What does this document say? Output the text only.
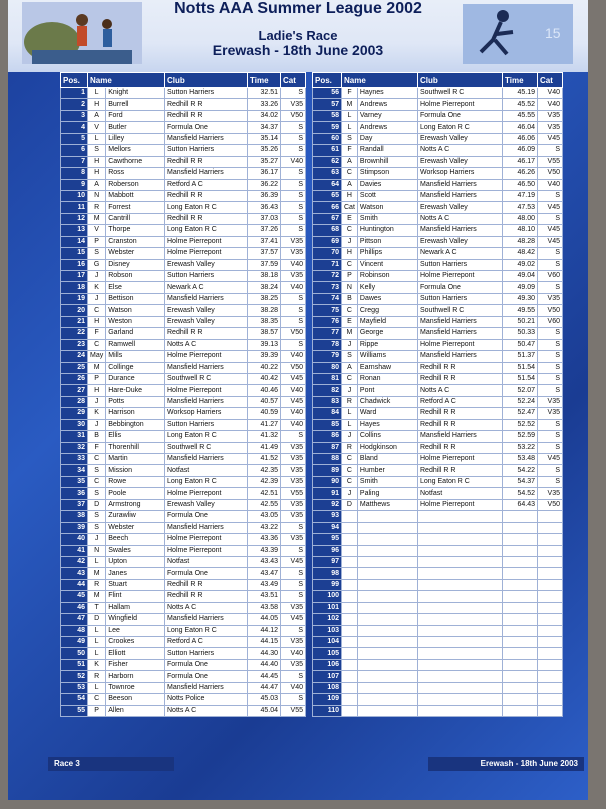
15
Notts AAA Summer League 2002
Ladie's Race
Erewash - 18th June 2003
Pos.	Name		Club	Time	Cat
1	L	Knight	Sutton Harriers	32.51	S
2	H	Burrell	Redhill R R	33.26	V35
3	A	Ford	Redhill R R	34.02	V50
4	V	Butler	Formula One	34.37	S
5	L	Lilley	Mansfield Harriers	35.14	S
6	S	Mellors	Sutton Harriers	35.26	S
7	H	Cawthorne	Redhill R R	35.27	V40
8	H	Ross	Mansfield Harriers	36.17	S
9	A	Roberson	Retford A C	36.22	S
10	N	Mabbott	Redhill R R	36.39	S
11	R	Forrest	Long Eaton R C	36.43	S
12	M	Cantrill	Redhill R R	37.03	S
13	V	Thorpe	Long Eaton R C	37.26	S
14	P	Cranston	Holme Pierrepont	37.41	V35
15	S	Webster	Holme Pierrepont	37.57	V35
16	G	Disney	Erewash Valley	37.59	V40
17	J	Robson	Sutton Harriers	38.18	V35
18	K	Else	Newark A C	38.24	V40
19	J	Bettison	Mansfield Harriers	38.25	S
20	C	Watson	Erewash Valley	38.28	S
21	H	Weston	Erewash Valley	38.35	S
22	F	Garland	Redhill R R	38.57	V50
23	C	Ramwell	Notts A C	39.13	S
24	May	Mills	Holme Pierrepont	39.39	V40
25	M	Collinge	Mansfield Harriers	40.22	V50
26	P	Durance	Southwell R C	40.42	V45
27	H	Hare-Duke	Holme Pierrepont	40.46	V40
28	J	Potts	Mansfield Harriers	40.57	V45
29	K	Harrison	Worksop Harriers	40.59	V40
30	J	Bebbington	Sutton Harriers	41.27	V40
31	B	Ellis	Long Eaton R C	41.32	S
32	F	Thorenhill	Southwell R C	41.49	V35
33	C	Martin	Mansfield Harriers	41.52	V35
34	S	Mission	Notfast	42.35	V35
35	C	Rowe	Long Eaton R C	42.39	V35
36	S	Poole	Holme Pierrepont	42.51	V55
37	D	Armstrong	Erewash Valley	42.55	V35
38	S	Zurawliw	Formula One	43.05	V35
39	S	Webster	Mansfield Harriers	43.22	S
40	J	Beech	Holme Pierrepont	43.36	V35
41	N	Swales	Holme Pierrepont	43.39	S
42	L	Upton	Notfast	43.43	V45
43	M	Janes	Formula One	43.47	S
44	R	Stuart	Redhill R R	43.49	S
45	M	Flint	Redhill R R	43.51	S
46	T	Hallam	Notts A C	43.58	V35
47	D	Wingfield	Mansfield Harriers	44.05	V45
48	L	Lee	Long Eaton R C	44.12	S
49	L	Crookes	Retford A C	44.15	V35
50	L	Elliott	Sutton Harriers	44.30	V40
51	K	Fisher	Formula One	44.40	V35
52	R	Harborn	Formula One	44.45	S
53	L	Townroe	Mansfield Harriers	44.47	V40
54	C	Beeson	Notts Police	45.03	S
55	P	Allen	Notts A C	45.04	V55
Pos.	Name		Club	Time	Cat
56	F	Haynes	Southwell R C	45.19	V40
57	M	Andrews	Holme Pierrepont	45.52	V40
58	L	Varney	Formula One	45.55	V35
59	L	Andrews	Long Eaton R C	46.04	V35
60	S	Day	Erewash Valley	46.06	V45
61	F	Randall	Notts A C	46.09	S
62	A	Brownhill	Erewash Valley	46.17	V55
63	C	Stimpson	Worksop Harriers	46.26	V50
64	A	Davies	Mansfield Harriers	46.50	V40
65	H	Scott	Mansfield Harriers	47.19	S
66	Cat	Watson	Erewash Valley	47.53	V45
67	E	Smith	Notts A C	48.00	S
68	C	Huntington	Mansfield Harriers	48.10	V45
69	J	Pittson	Erewash Valley	48.28	V45
70	H	Phillips	Newark A C	48.42	S
71	C	Vincent	Sutton Harriers	49.02	S
72	P	Robinson	Holme Pierrepont	49.04	V60
73	N	Kelly	Formula One	49.09	S
74	B	Dawes	Sutton Harriers	49.30	V35
75	C	Cregg	Southwell R C	49.55	V50
76	E	Mayfield	Mansfield Harriers	50.21	V60
77	M	George	Mansfield Harriers	50.33	S
78	J	Rippe	Holme Pierrepont	50.47	S
79	S	Williams	Mansfield Harriers	51.37	S
80	A	Earnshaw	Redhill R R	51.54	S
81	C	Ronan	Redhill R R	51.54	S
82	J	Pont	Notts A C	52.07	S
83	R	Chadwick	Retford A C	52.24	V35
84	L	Ward	Redhill R R	52.47	V35
85	L	Hayes	Redhill R R	52.52	S
86	J	Collins	Mansfield Harriers	52.59	S
87	R	Hodgkinson	Redhill R R	53.22	S
88	C	Bland	Holme Pierrepont	53.48	V45
89	C	Humber	Redhill R R	54.22	S
90	C	Smith	Long Eaton R C	54.37	S
91	J	Paling	Notfast	54.52	V35
92	D	Matthews	Holme Pierrepont	64.43	V50
93					
94					
95					
96					
97					
98					
99					
100					
101					
102					
103					
104					
105					
106					
107					
108					
109					
110					
Race 3	Erewash - 18th June 2003
